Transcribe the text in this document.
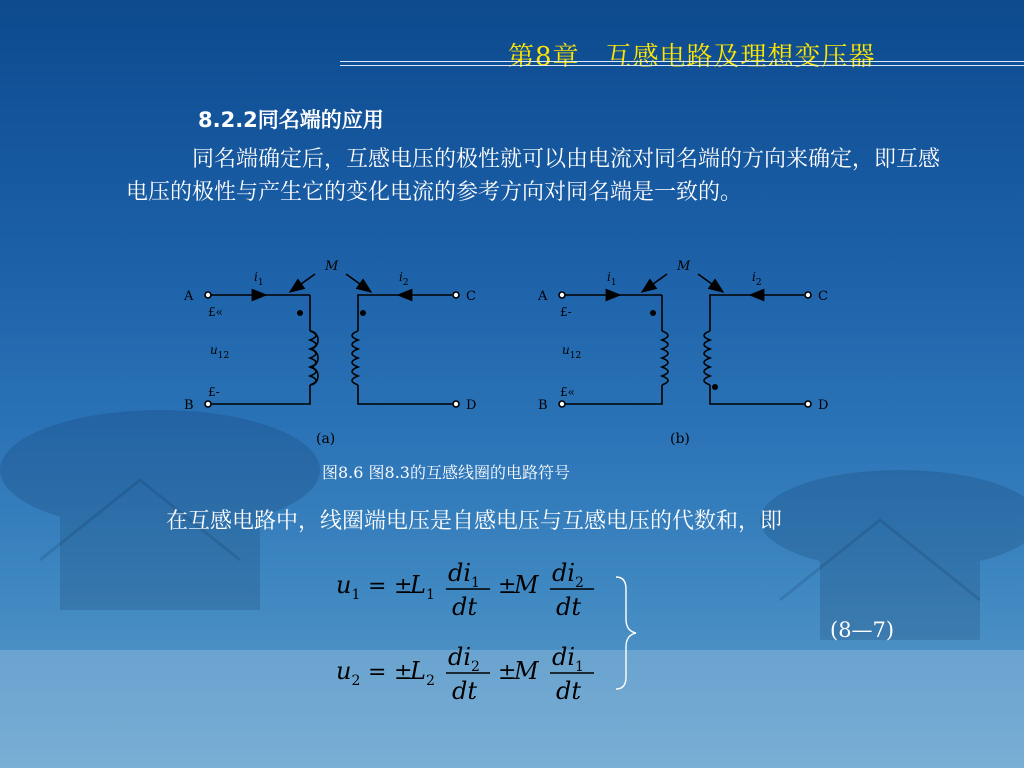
第8章 互感电路及理想变压器
8.2.2同名端的应用
同名端确定后，互感电压的极性就可以由电流对同名端的方向来确定，即互感电压的极性与产生它的变化电流的参考方向对同名端是一致的。
A
B
C
D
M
$i_1$	$i_2$
£«
$u_{12}$
£-
(a)
A
B
C
D
M
$i_1$	$i_2$
£-
$u_{12}$
£«
(b)
图8.6 图8.3的互感线圈的电路符号
在互感电路中，线圈端电压是自感电压与互感电压的代数和，即
$u_1$ = ±
$L_1$
$di_1$
dt
±
M $di_2$
dt
$u_2$ = ±
$L_2$
$di_2$
dt
±
M $di_1$
dt
(8—7)
